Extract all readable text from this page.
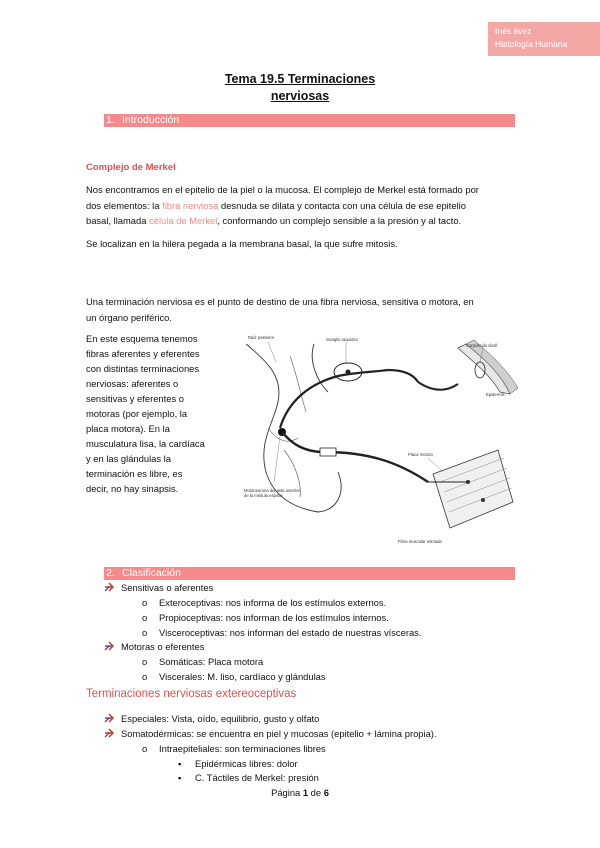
Inés ávez
Histología Humana
Tema 19.5 Terminaciones
nerviosas
1. Introducción
Complejo de Merkel
Nos encontramos en el epitelio de la piel o la mucosa. El complejo de Merkel está formado por
dos elementos: la fibra nerviosa desnuda se dilata y contacta con una célula de ese epitelio
basal, llamada célula de Merkel, conformando un complejo sensible a la presión y al tacto.
Se localizan en la hilera pegada a la membrana basal, la que sufre mitosis.
Una terminación nerviosa es el punto de destino de una fibra nerviosa, sensitiva o motora, en
un órgano periférico.
En este esquema tenemos
fibras aferentes y eferentes
con distintas terminaciones
nerviosas: aferentes o
sensitivas y eferentes o
motoras (por ejemplo, la
placa motora). En la
musculatura lisa, la cardíaca
y en las glándulas la
terminación es libre, es
decir, no hay sinapsis.
Raíz posterior	Ganglio raquídeo
Corpúsculo táctil
Epidermis
Placa motora
Motoneurona del asta anterior
de la médula espinal
Fibra muscular estriada
2. Clasificación
Sensitivas o aferentes
o Exteroceptivas: nos informa de los estímulos externos.
o Propioceptivas: nos informan de los estímulos internos.
o Visceroceptivas: nos informan del estado de nuestras vísceras.
Motoras o eferentes
o Somáticas: Placa motora
o Viscerales: M. liso, cardíaco y glándulas
Terminaciones nerviosas extereoceptivas
Especiales: Vista, oído, equilibrio, gusto y olfato
Somatodérmicas: se encuentra en piel y mucosas (epitelio + lámina propia).
o Intraepiteliales: son terminaciones libres
▪ Epidérmicas libres: dolor
▪ C. Táctiles de Merkel: presión
Página 1 de 6
